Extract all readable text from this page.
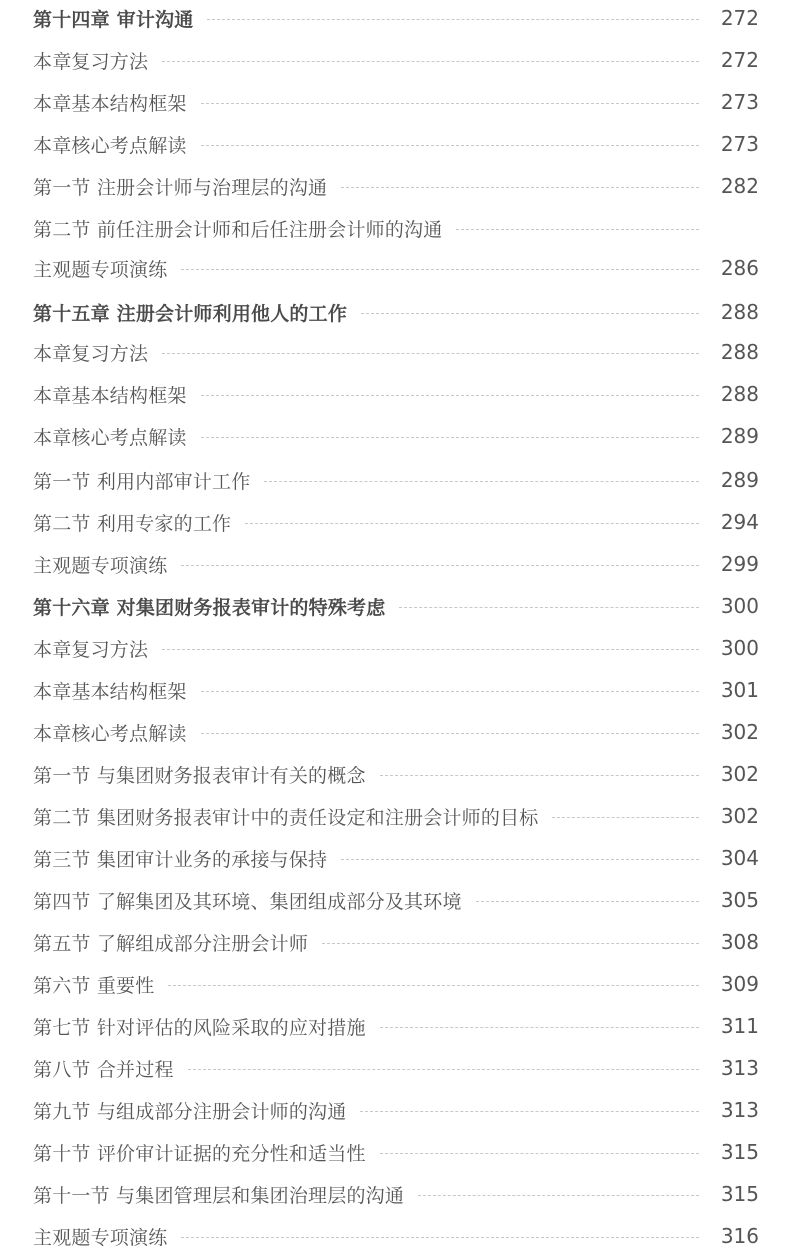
第十四章 审计沟通	272
本章复习方法	272
本章基本结构框架	273
本章核心考点解读	273
第一节 注册会计师与治理层的沟通	282
第二节 前任注册会计师和后任注册会计师的沟通
主观题专项演练	286
第十五章 注册会计师利用他人的工作	288
本章复习方法	288
本章基本结构框架	288
本章核心考点解读	289
第一节 利用内部审计工作	289
第二节 利用专家的工作	294
主观题专项演练	299
第十六章 对集团财务报表审计的特殊考虑	300
本章复习方法	300
本章基本结构框架	301
本章核心考点解读	302
第一节 与集团财务报表审计有关的概念	302
第二节 集团财务报表审计中的责任设定和注册会计师的目标	302
第三节 集团审计业务的承接与保持	304
第四节 了解集团及其环境、集团组成部分及其环境	305
第五节 了解组成部分注册会计师	308
第六节 重要性	309
第七节 针对评估的风险采取的应对措施	311
第八节 合并过程	313
第九节 与组成部分注册会计师的沟通	313
第十节 评价审计证据的充分性和适当性	315
第十一节 与集团管理层和集团治理层的沟通	315
主观题专项演练	316
